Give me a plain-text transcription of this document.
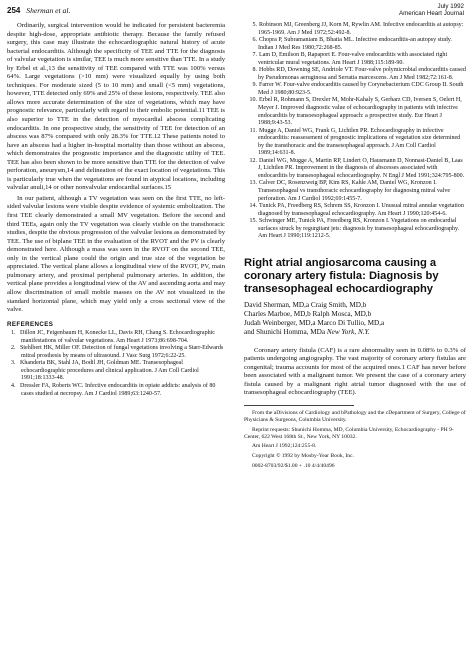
254 Sherman et al.	July 1992
American Heart Journal

Ordinarily, surgical intervention would be indicated for persistent bacteremia despite high-dose, appropriate antibiotic therapy. Because the family refused surgery, this case may illustrate the echocardiographic natural history of acute bacterial endocarditis. Although the specificity of TEE and TTE for the diagnosis of valvular vegetation is similar, TEE is much more sensitive than TTE. In a study by Erbel et al.,13 the sensitivity of TEE compared with TTE was 100% versus 64%. Large vegetations (>10 mm) were visualized equally by using both techniques. For moderate sized (5 to 10 mm) and small (<5 mm) vegetations, however, TTE detected only 69% and 25% of these lesions, respectively. TEE also allows more accurate determination of the size of vegetations, which may have prognostic relevance, particularly with regard to their embolic potential.11 TEE is also superior to TTE in the detection of myocardial abscess complicating endocarditis. In one prospective study, the sensitivity of TEE for detection of an abscess was 87% compared with only 28.3% for TTE.12 These patients noted to have an abscess had a higher in-hospital mortality than those without an abscess, which demonstrates the prognostic importance and the diagnostic utility of TEE. TEE has also been shown to be more sensitive than TTE for the detection of valve perforation, aneurysm,14 and delineation of the exact location of vegetations. This is particularly true when the vegetations are found in atypical locations, including valvular anuli,14 or other nonvalvular endocardial surfaces.15

In our patient, although a TV vegetation was seen on the first TTE, no left-sided valvular lesions were visible despite evidence of systemic embolization. The first TEE clearly demonstrated a small MV vegetation. Before the second and third TEEs, again only the TV vegetation was clearly visible on the transthoracic studies, despite the obvious progression of the valvular lesions as demonstrated by TEE. The use of biplane TEE in the evaluation of the RVOT and the PV is clearly demonstrated here. Although a mass was seen in the RVOT on the second TEE, only in the vertical plane could the origin and true size of the vegetation be appreciated. The vertical plane allows a longitudinal view of the RVOT, PV, main pulmonary artery, and proximal peripheral pulmonary arteries. In addition, the vertical plane provides a longitudinal view of the AV and ascending aorta and may allow discrimination of small mobile masses on the AV not visualized in the standard horizontal plane, which may yield only a cross sectional view of the valve.

REFERENCES

1. Dillon JC, Feigenbaum H, Konecke LL, Davis RH, Chang S. Echocardiographic manifestations of valvular vegetations. Am Heart J 1973;86:698-704.

2. Stehlbert HK, Miller OF. Detection of fungal vegetations involving a Starr-Edwards mitral prosthesis by means of ultrasound. J Vasc Surg 1972;6:22-25.

3. Khanderia BK, Stahl JA, Bodil JH, Goldman ME. Transesophageal echocardiographic procedures and clinical application. J Am Coll Cardiol 1991;18:1333-48.

4. Dressler FA, Roberts WC. Infective endocarditis in opiate addicts: analysis of 80 cases studied at necropsy. Am J Cardiol 1989;63:1240-57.

5. Robinson MJ, Greenberg JJ, Korn M, Rywlin AM. Infective endocarditis at autopsy: 1965-1969. Am J Med 1972;52:492-8.

6. Chopra P, Subramaniam B, Bhatia ML. Infective endocarditis-an autopsy study. Indian J Med Res 1980;72:268-85.

7. Lam D, Emilson B, Rapaport E. Four-valve endocarditis with associated right ventricular mural vegetations. Am Heart J 1988;115:189-90.

8. Hobbs RD, Downing SE, Andriole VT. Four-valve polymicrobial endocarditis caused by Pseudomonas aeruginosa and Serratia marcescens. Am J Med 1982;72:161-8.

9. Farrer W. Four-valve endocarditis caused by Corynebacterium CDC Group II. South Med J 1980;80:923-5.

10. Erbel R, Rohmann S, Drexler M, Mohr-Kahaly S, Gerharz CD, Iversen S, Oelert H, Meyer J. Improved diagnostic value of echocardiography in patients with infective endocarditis by transoesophageal approach: a prospective study. Eur Heart J 1988;9:43-53.

11. Mugge A, Daniel WG, Frank G, Lichtlen PR. Echocardiography in infective endocarditis: reassessment of prognostic implications of vegetation size determined by the transthoracic and the transesophageal approach. J Am Coll Cardiol 1989;14:631-8.

12. Daniel WG, Mugge A, Martin RP, Lindert O, Hausmann D, Nonnast-Daniel B, Laas J, Lichtlen PR. Improvement in the diagnosis of abscesses associated with endocarditis by transesophageal echocardiography. N Engl J Med 1991;324:795-800.

13. Calver DC, Rosenzweig BP, Kim RS, Kahle AM, Daniel WG, Kronzon I. Transesophageal vs transthoracic echocardiography for diagnosing mitral valve perforation. Am J Cardiol 1992;69:1455-7.

14. Tunick PA, Freedberg RS, Schrem SS, Kronzon I. Unusual mitral annular vegetation diagnosed by transesophageal echocardiography. Am Heart J 1990;120:454-6.

15. Schwinger ME, Tunick PA, Freedberg RS, Kronzon I. Vegetations on endocardial surfaces struck by regurgitant jets: diagnosis by transesophageal echocardiography. Am Heart J 1990;119:1212-5.

Right atrial angiosarcoma causing a coronary artery fistula: Diagnosis by transesophageal echocardiography
David Sherman, MD,a Craig Smith, MD,b
Charles Marboe, MD,b Ralph Mosca, MD,b
Judah Weinberger, MD,a Marco Di Tullio, MD,a
and Shunichi Homma, MDa New York, N.Y.

Coronary artery fistula (CAF) is a rare abnormality seen in 0.08% to 0.3% of patients undergoing angiography. The vast majority of coronary artery fistulas are congenital; trauma accounts for most of the acquired ones.1 CAF has never before been associated with a malignant tumor. We present the case of a coronary artery fistula caused by a malignant right atrial tumor diagnosed with the use of transesophageal echocardiography (TEE).

From the aDivisions of Cardiology and bPathology and the cDepartment of Surgery, College of Physicians & Surgeons, Columbia University.
Reprint requests: Shunichi Homma, MD, Columbia University, Echocardiography - PH 9-Center, 622 West 168th St., New York, NY 10032.
Am Heart J 1992;124:255-8.
Copyright © 1992 by Mosby-Year Book, Inc.
0002-8703/92/$1.00 + .10 4/4/40496
